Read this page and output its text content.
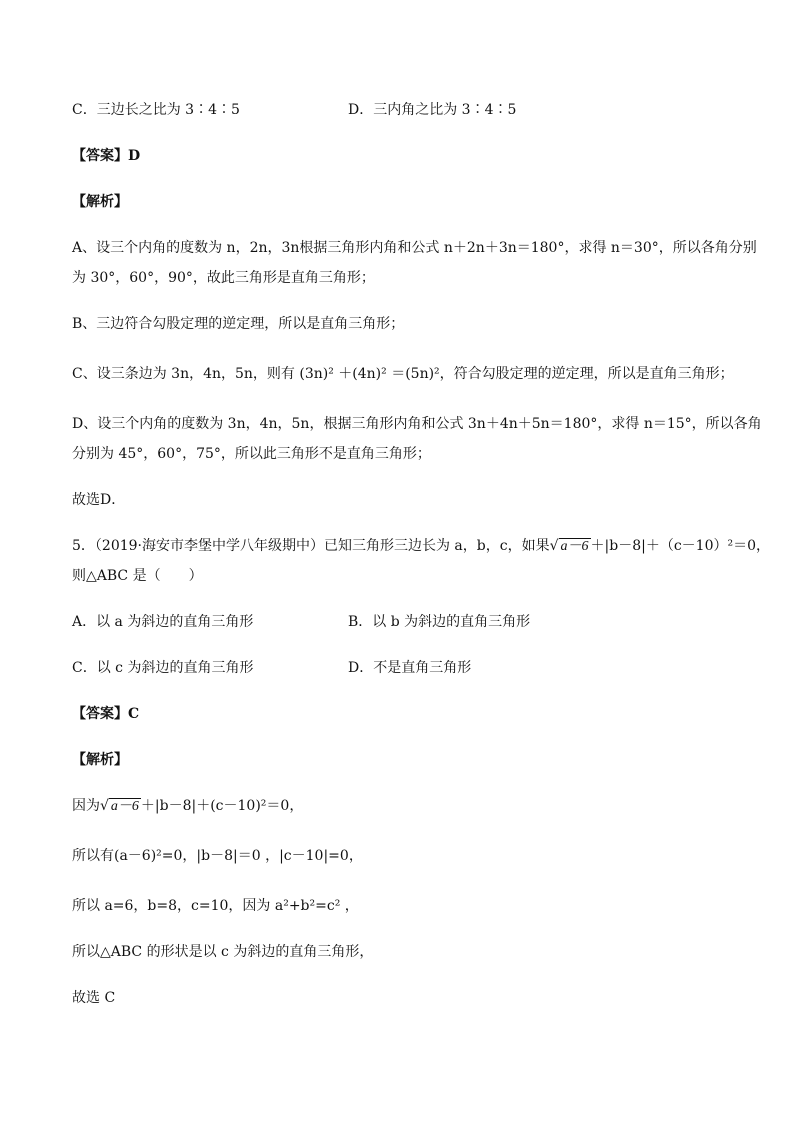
C．三边长之比为 3∶4∶5	D．三内角之比为 3∶4∶5
【答案】D
【解析】
A、设三个内角的度数为 n，2n，3n根据三角形内角和公式 n＋2n＋3n＝180°，求得 n＝30°，所以各角分别
为 30°，60°，90°，故此三角形是直角三角形；
B、三边符合勾股定理的逆定理，所以是直角三角形；
C、设三条边为 3n，4n，5n，则有 (3n)² ＋(4n)² ＝(5n)²，符合勾股定理的逆定理，所以是直角三角形；
D、设三个内角的度数为 3n，4n，5n，根据三角形内角和公式 3n＋4n＋5n＝180°，求得 n＝15°，所以各角
分别为 45°，60°，75°，所以此三角形不是直角三角形；
故选D．
5．（2019·海安市李堡中学八年级期中）已知三角形三边长为 a，b，c，如果√ a－6 ＋|b－8|＋（c－10）²＝0，
则△ABC 是（　　）
A．以 a 为斜边的直角三角形	B．以 b 为斜边的直角三角形
C．以 c 为斜边的直角三角形	D．不是直角三角形
【答案】C
【解析】
因为√ a－6 ＋|b－8|＋(c－10)²＝0，
所以有(a－6)²=0，|b－8|＝0 ，|c－10|=0，
所以 a=6，b=8，c=10，因为 a²+b²=c² ，
所以△ABC 的形状是以 c 为斜边的直角三角形，
故选 C
